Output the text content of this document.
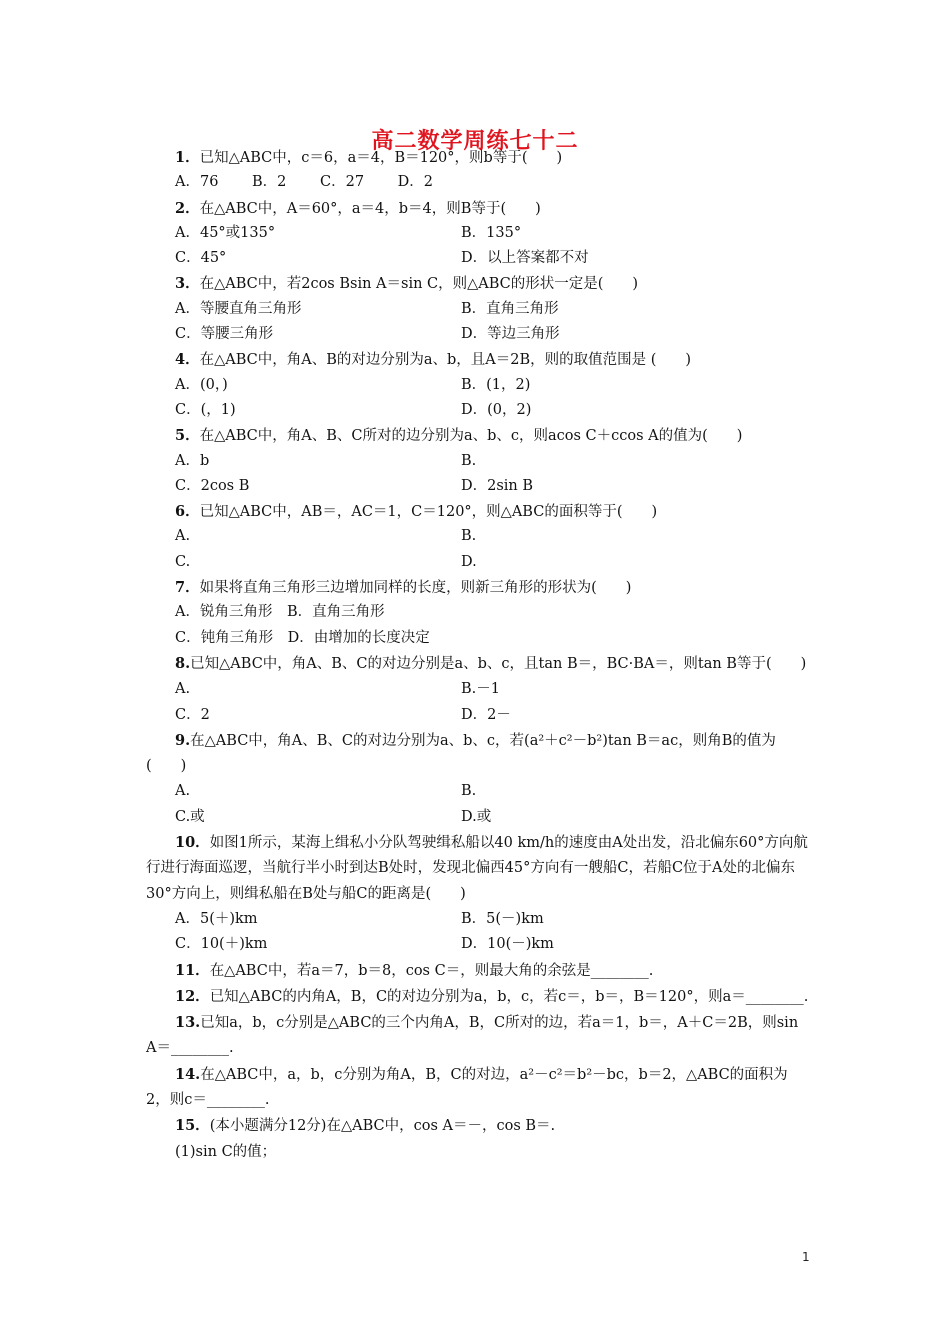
高二数学周练七十二
1．已知△ABC中，c＝6，a＝4，B＝120°，则b等于(　　)
A．76　　 B．2　　 C．27　　 D．2
2．在△ABC中，A＝60°，a＝4，b＝4，则B等于(　　)
A．45°或135°	B．135°
C．45°	D．以上答案都不对
3．在△ABC中，若2cos Bsin A＝sin C，则△ABC的形状一定是(　　)
A．等腰直角三角形	B．直角三角形
C．等腰三角形	D．等边三角形
4．在△ABC中，角A、B的对边分别为a、b，且A＝2B，则的取值范围是 (　　)
A．(0，)	B．(1，2)
C．(，1)	D．(0，2)
5．在△ABC中，角A、B、C所对的边分别为a、b、c，则acos C＋ccos A的值为(　　)
A．b	B.
C．2cos B	D．2sin B
6．已知△ABC中，AB＝，AC＝1，C＝120°，则△ABC的面积等于(　　)
A.	B.
C.	D.
7．如果将直角三角形三边增加同样的长度，则新三角形的形状为(　　)
A．锐角三角形　B．直角三角形
C．钝角三角形　D．由增加的长度决定
8.已知△ABC中，角A、B、C的对边分别是a、b、c，且tan B＝，BC·BA＝，则tan B等于(　　)
A.	B.－1
C．2	D．2－
9.在△ABC中，角A、B、C的对边分别为a、b、c，若(a²＋c²－b²)tan B＝ac，则角B的值为(　　)
A.	B.
C.或	D.或
10．如图1所示，某海上缉私小分队驾驶缉私船以40 km/h的速度由A处出发，沿北偏东60°方向航行进行海面巡逻，当航行半小时到达B处时，发现北偏西45°方向有一艘船C，若船C位于A处的北偏东30°方向上，则缉私船在B处与船C的距离是(　　)
A．5(＋)km	B．5(－)km
C．10(＋)km	D．10(－)km
11．在△ABC中，若a＝7，b＝8，cos C＝，则最大角的余弦是________.
12．已知△ABC的内角A，B，C的对边分别为a，b，c，若c＝，b＝，B＝120°，则a＝________.
13.已知a，b，c分别是△ABC的三个内角A，B，C所对的边，若a＝1，b＝，A＋C＝2B，则sin A＝________.
14.在△ABC中，a，b，c分别为角A，B，C的对边，a²－c²＝b²－bc，b＝2，△ABC的面积为2，则c＝________.
15．(本小题满分12分)在△ABC中，cos A＝－，cos B＝.
(1)sin C的值；
1
